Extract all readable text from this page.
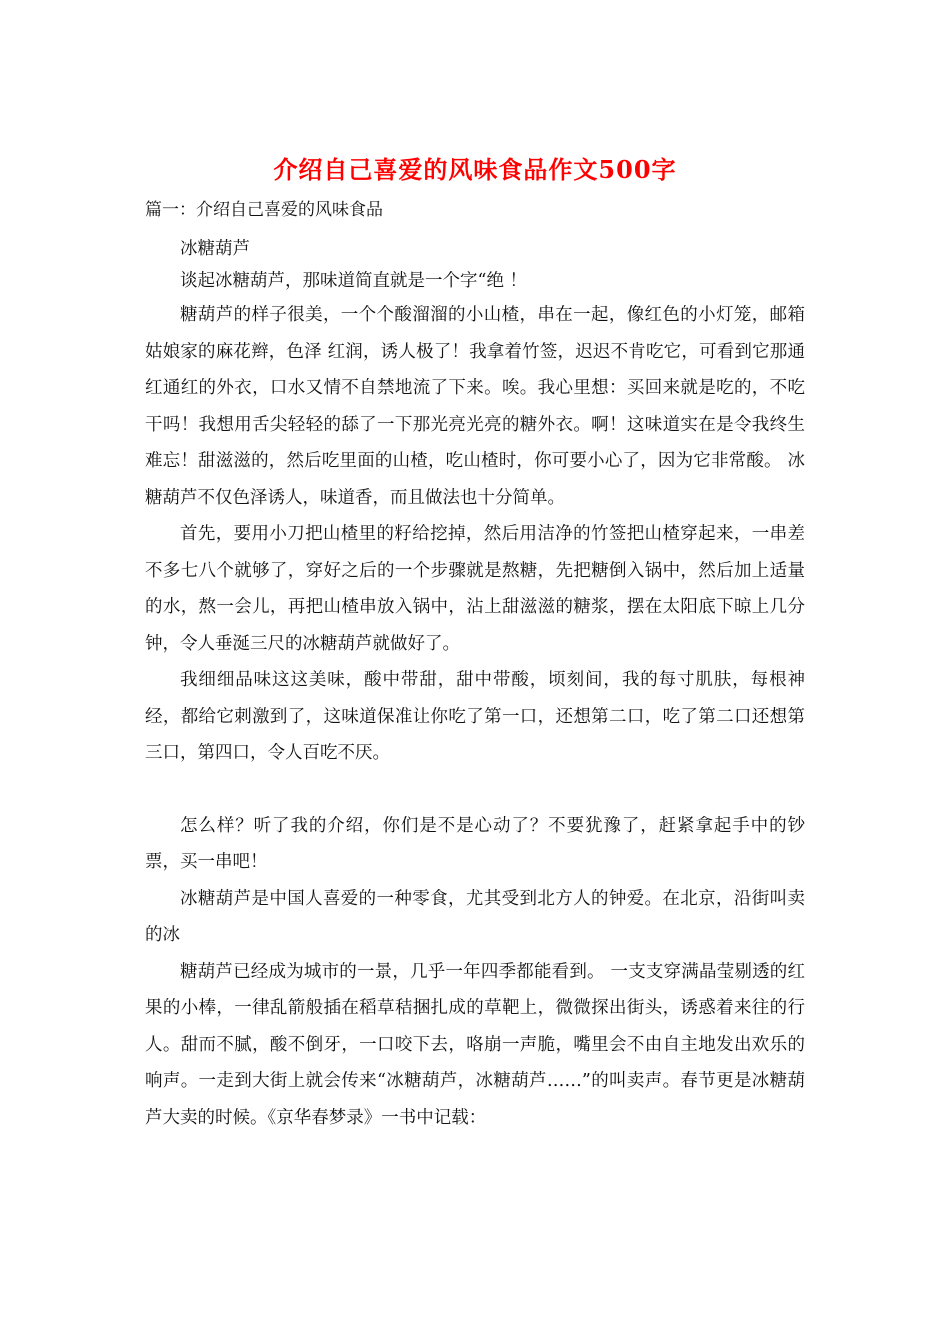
介绍自己喜爱的风味食品作文500字
篇一：介绍自己喜爱的风味食品

冰糖葫芦

谈起冰糖葫芦，那味道简直就是一个字“绝 ！

糖葫芦的样子很美，一个个酸溜溜的小山楂，串在一起，像红色的小灯笼，邮箱姑娘家的麻花辫，色泽 红润，诱人极了！我拿着竹签，迟迟不肯吃它，可看到它那通红通红的外衣，口水又情不自禁地流了下来。唉。我心里想：买回来就是吃的，不吃干吗！我想用舌尖轻轻的舔了一下那光亮光亮的糖外衣。啊！这味道实在是令我终生难忘！甜滋滋的，然后吃里面的山楂，吃山楂时，你可要小心了，因为它非常酸。 冰糖葫芦不仅色泽诱人，味道香，而且做法也十分简单。

首先，要用小刀把山楂里的籽给挖掉，然后用洁净的竹签把山楂穿起来，一串差不多七八个就够了，穿好之后的一个步骤就是熬糖，先把糖倒入锅中，然后加上适量的水，熬一会儿，再把山楂串放入锅中，沾上甜滋滋的糖浆，摆在太阳底下晾上几分钟，令人垂涎三尺的冰糖葫芦就做好了。

我细细品味这这美味，酸中带甜，甜中带酸，顷刻间，我的每寸肌肤，每根神经，都给它刺激到了，这味道保准让你吃了第一口，还想第二口，吃了第二口还想第三口，第四口，令人百吃不厌。

怎么样？听了我的介绍，你们是不是心动了？不要犹豫了，赶紧拿起手中的钞票，买一串吧！

冰糖葫芦是中国人喜爱的一种零食，尤其受到北方人的钟爱。在北京，沿街叫卖的冰

糖葫芦已经成为城市的一景，几乎一年四季都能看到。 一支支穿满晶莹剔透的红果的小棒，一律乱箭般插在稻草秸捆扎成的草靶上，微微探出街头，诱惑着来往的行人。甜而不腻，酸不倒牙，一口咬下去，咯崩一声脆，嘴里会不由自主地发出欢乐的响声。一走到大街上就会传来“冰糖葫芦，冰糖葫芦……”的叫卖声。春节更是冰糖葫芦大卖的时候。《京华春梦录》一书中记载：
